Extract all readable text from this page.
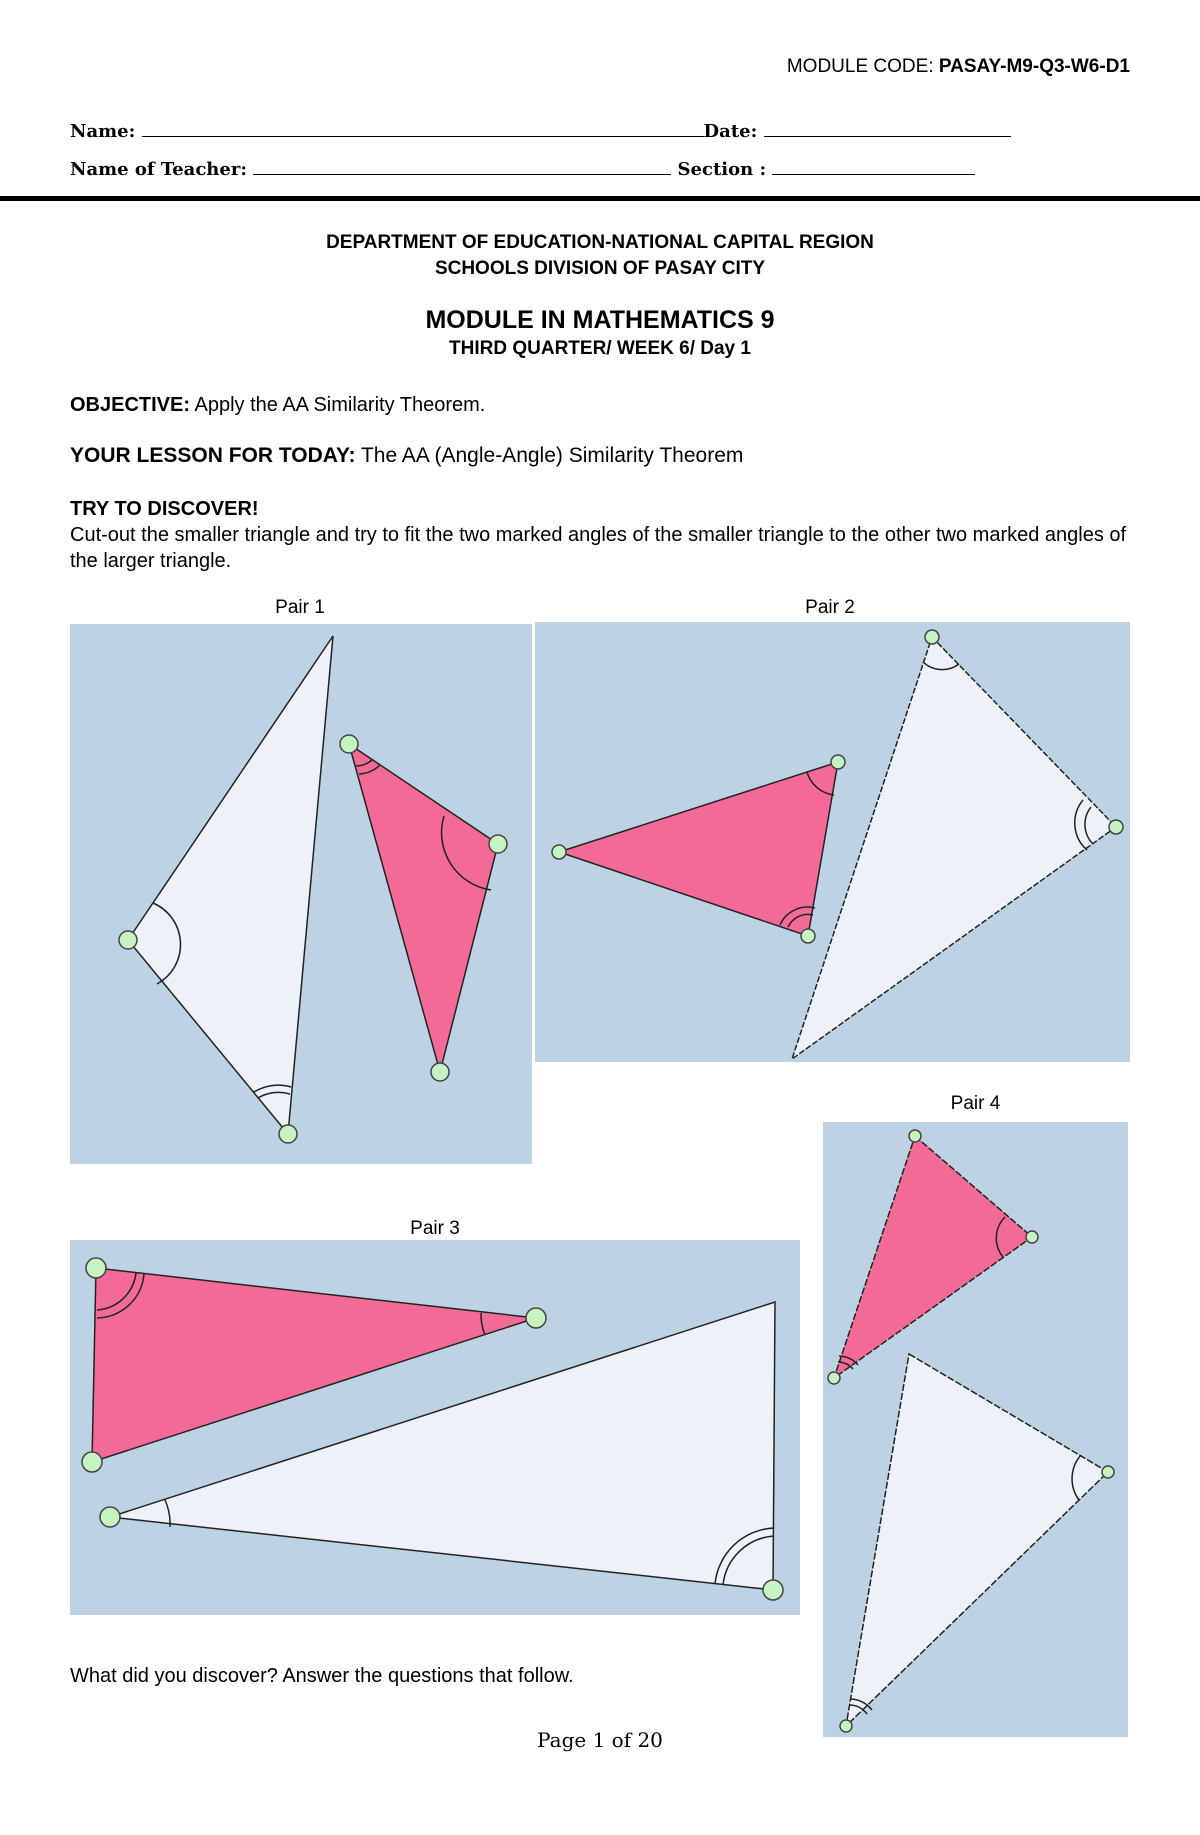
MODULE CODE: PASAY-M9-Q3-W6-D1
Name:	Date:
Name of Teacher:	Section :
DEPARTMENT OF EDUCATION-NATIONAL CAPITAL REGION
SCHOOLS DIVISION OF PASAY CITY
MODULE IN MATHEMATICS 9
THIRD QUARTER/ WEEK 6/ Day 1
OBJECTIVE: Apply the AA Similarity Theorem.
YOUR LESSON FOR TODAY: The AA (Angle-Angle) Similarity Theorem
TRY TO DISCOVER!
Cut-out the smaller triangle and try to fit the two marked angles of the smaller triangle to the other two marked angles of the larger triangle.
Pair 1	Pair 2
Pair 3
Pair 4
What did you discover? Answer the questions that follow.
Page 1 of 20
